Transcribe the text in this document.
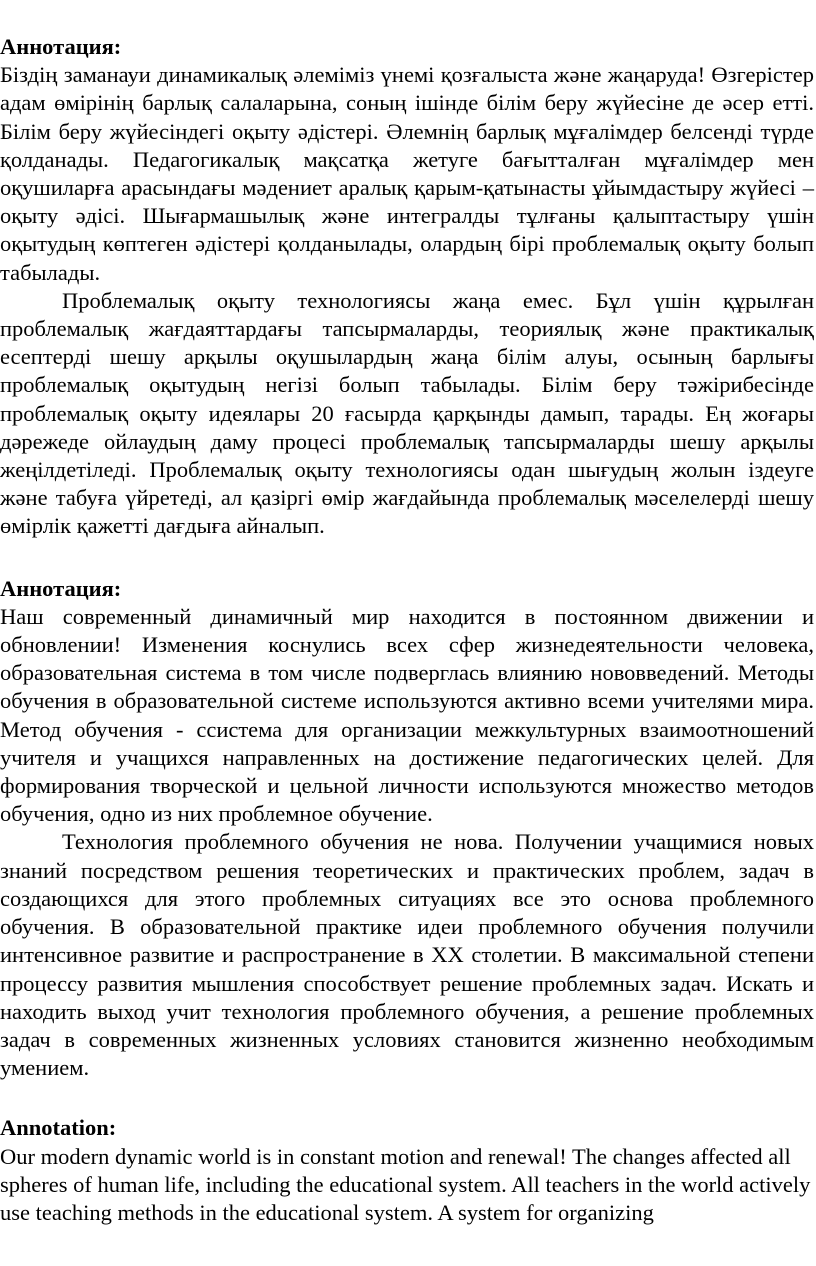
Аннотация:

Біздің заманауи динамикалық әлеміміз үнемі қозғалыста және жаңаруда! Өзгерістер адам өмірінің барлық салаларына, соның ішінде білім беру жүйесіне де әсер етті. Білім беру жүйесіндегі оқыту әдістері. Әлемнің барлық мұғалімдер белсенді түрде қолданады. Педагогикалық мақсатқа жетуге бағытталған мұғалімдер мен оқушиларға арасындағы мәдениет аралық қарым-қатынасты ұйымдастыру жүйесі – оқыту әдісі. Шығармашылық және интегралды тұлғаны қалыптастыру үшін оқытудың көптеген әдістері қолданылады, олардың бірі проблемалық оқыту болып табылады.

Проблемалық оқыту технологиясы жаңа емес. Бұл үшін құрылған проблемалық жағдаяттардағы тапсырмаларды, теориялық және практикалық есептерді шешу арқылы оқушылардың жаңа білім алуы, осының барлығы проблемалық оқытудың негізі болып табылады. Білім беру тәжірибесінде проблемалық оқыту идеялары 20 ғасырда қарқынды дамып, тарады. Ең жоғары дәрежеде ойлаудың даму процесі проблемалық тапсырмаларды шешу арқылы жеңілдетіледі. Проблемалық оқыту технологиясы одан шығудың жолын іздеуге және табуға үйретеді, ал қазіргі өмір жағдайында проблемалық мәселелерді шешу өмірлік қажетті дағдыға айналып.

Аннотация:

Наш современный динамичный мир находится в постоянном движении и обновлении! Изменения коснулись всех сфер жизнедеятельности человека, образовательная система в том числе подверглась влиянию нововведений. Методы обучения в образовательной системе используются активно всеми учителями мира. Метод обучения - ссистема для организации межкультурных взаимоотношений учителя и учащихся направленных на достижение педагогических целей. Для формирования творческой и цельной личности используются множество методов обучения, одно из них проблемное обучение.

Технология проблемного обучения не нова. Получении учащимися новых знаний посредством решения теоретических и практических проблем, задач в создающихся для этого проблемных ситуациях все это основа проблемного обучения. В образовательной практике идеи проблемного обучения получили интенсивное развитие и распространение в XX столетии. В максимальной степени процессу развития мышления способствует решение проблемных задач. Искать и находить выход учит технология проблемного обучения, а решение проблемных задач в современных жизненных условиях становится жизненно необходимым умением.

Annotation:

Our modern dynamic world is in constant motion and renewal! The changes affected all spheres of human life, including the educational system. All teachers in the world actively use teaching methods in the educational system. A system for organizing
